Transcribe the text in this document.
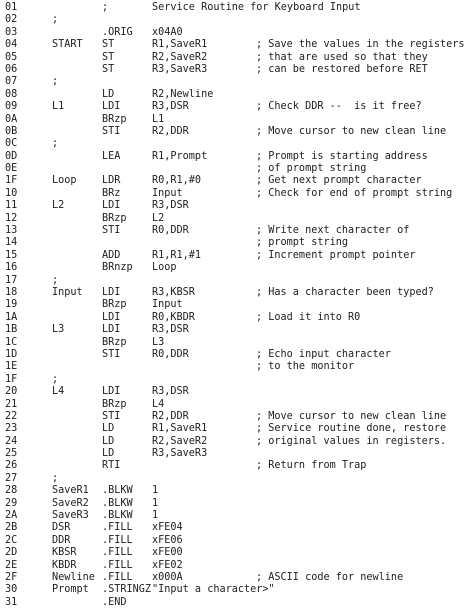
01	;	Service Routine for Keyboard Input
02	;
03	.ORIG x04A0
04	START ST	R1,SaveR1	; Save the values in the registers
05	ST	R2,SaveR2	; that are used so that they
06	ST	R3,SaveR3	; can be restored before RET
07	;
08	LD	R2,Newline
09	L1	LDI	R3,DSR	; Check DDR --  is it free?
0A	BRzp L1
0B	STI	R2,DDR	; Move cursor to new clean line
0C	;
0D	LEA	R1,Prompt	; Prompt is starting address
0E	; of prompt string
1F	Loop LDR	R0,R1,#0	; Get next prompt character
10	BRz	Input	; Check for end of prompt string
11	L2	LDI	R3,DSR
12	BRzp L2
13	STI	R0,DDR	; Write next character of
14	; prompt string
15	ADD	R1,R1,#1	; Increment prompt pointer
16	BRnzp Loop
17	;
18	Input LDI	R3,KBSR	; Has a character been typed?
19	BRzp Input
1A	LDI	R0,KBDR	; Load it into R0
1B	L3	LDI	R3,DSR
1C	BRzp L3
1D	STI	R0,DDR	; Echo input character
1E	; to the monitor
1F	;
20	L4	LDI	R3,DSR
21	BRzp L4
22	STI	R2,DDR	; Move cursor to new clean line
23	LD	R1,SaveR1	; Service routine done, restore
24	LD	R2,SaveR2	; original values in registers.
25	LD	R3,SaveR3
26	RTI	; Return from Trap
27	;
28	SaveR1 .BLKW 1
29	SaveR2 .BLKW 1
2A	SaveR3 .BLKW 1
2B	DSR	.FILL xFE04
2C	DDR	.FILL xFE06
2D	KBSR .FILL xFE00
2E	KBDR .FILL xFE02
2F	Newline .FILL x000A	; ASCII code for newline
30	Prompt .STRINGZ "Input a character>"
31	.END
